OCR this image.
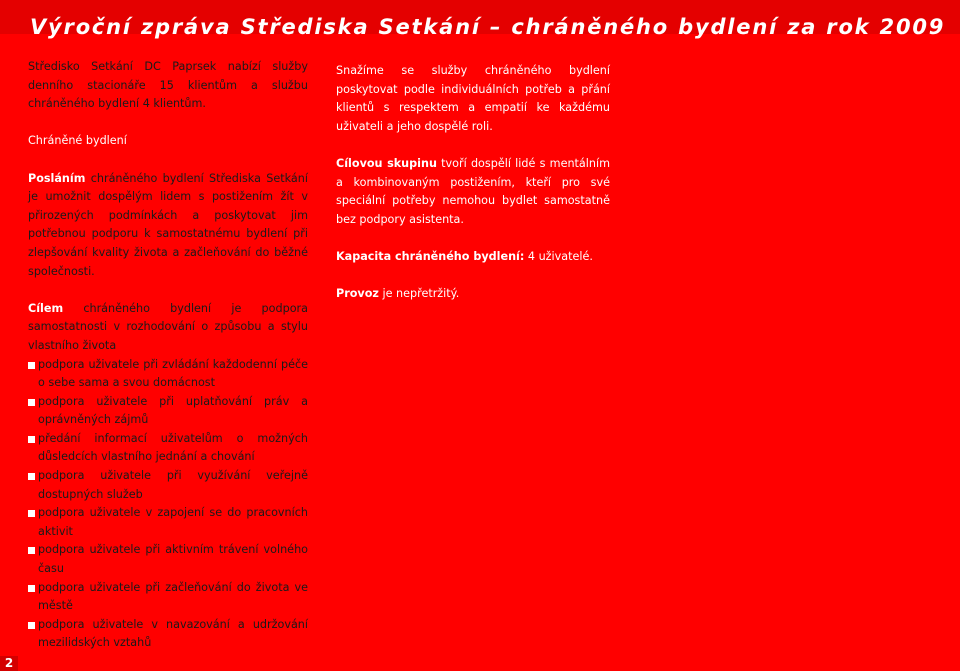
Výroční zpráva Střediska Setkání – chráněného bydlení za rok 2009

Středisko Setkání DC Paprsek nabízí služby denního stacionáře 15 klientům a službu chráněného bydlení 4 klientům.

Chráněné bydlení

Posláním chráněného bydlení Střediska Setkání je umožnit dospělým lidem s postižením žít v přirozených podmínkách a poskytovat jim potřebnou podporu k samostatnému bydlení při zlepšování kvality života a začleňování do běžné společnosti.

Cílem chráněného bydlení je podpora samostatnosti v rozhodování o způsobu a stylu vlastního života

podpora uživatele při zvládání každodenní péče o sebe sama a svou domácnost
podpora uživatele při uplatňování práv a oprávněných zájmů
předání informací uživatelům o možných důsledcích vlastního jednání a chování
podpora uživatele při využívání veřejně dostupných služeb
podpora uživatele v zapojení se do pracovních aktivit
podpora uživatele při aktivním trávení volného času
podpora uživatele při začleňování do života ve městě
podpora uživatele v navazování a udržování mezilidských vztahů

Snažíme se služby chráněného bydlení poskytovat podle individuálních potřeb a přání klientů s respektem a empatií ke každému uživateli a jeho dospělé roli.

Cílovou skupinu tvoří dospělí lidé s mentálním a kombinovaným postižením, kteří pro své speciální potřeby nemohou bydlet samostatně bez podpory asistenta.

Kapacita chráněného bydlení: 4 uživatelé.

Provoz je nepřetržitý.

2
